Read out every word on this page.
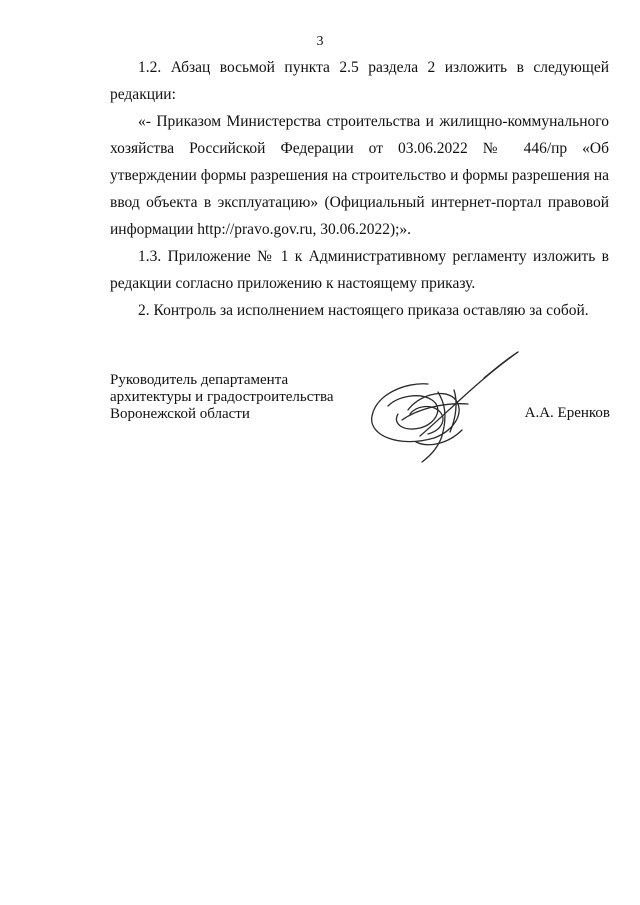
3

1.2. Абзац восьмой пункта 2.5 раздела 2 изложить в следующей редакции:

«- Приказом Министерства строительства и жилищно-коммунального хозяйства Российской Федерации от 03.06.2022 № 446/пр «Об утверждении формы разрешения на строительство и формы разрешения на ввод объекта в эксплуатацию» (Официальный интернет-портал правовой информации http://pravo.gov.ru, 30.06.2022);».

1.3. Приложение № 1 к Административному регламенту изложить в редакции согласно приложению к настоящему приказу.

2. Контроль за исполнением настоящего приказа оставляю за собой.

Руководитель департамента
архитектуры и градостроительства
Воронежской области	А.А. Еренков
